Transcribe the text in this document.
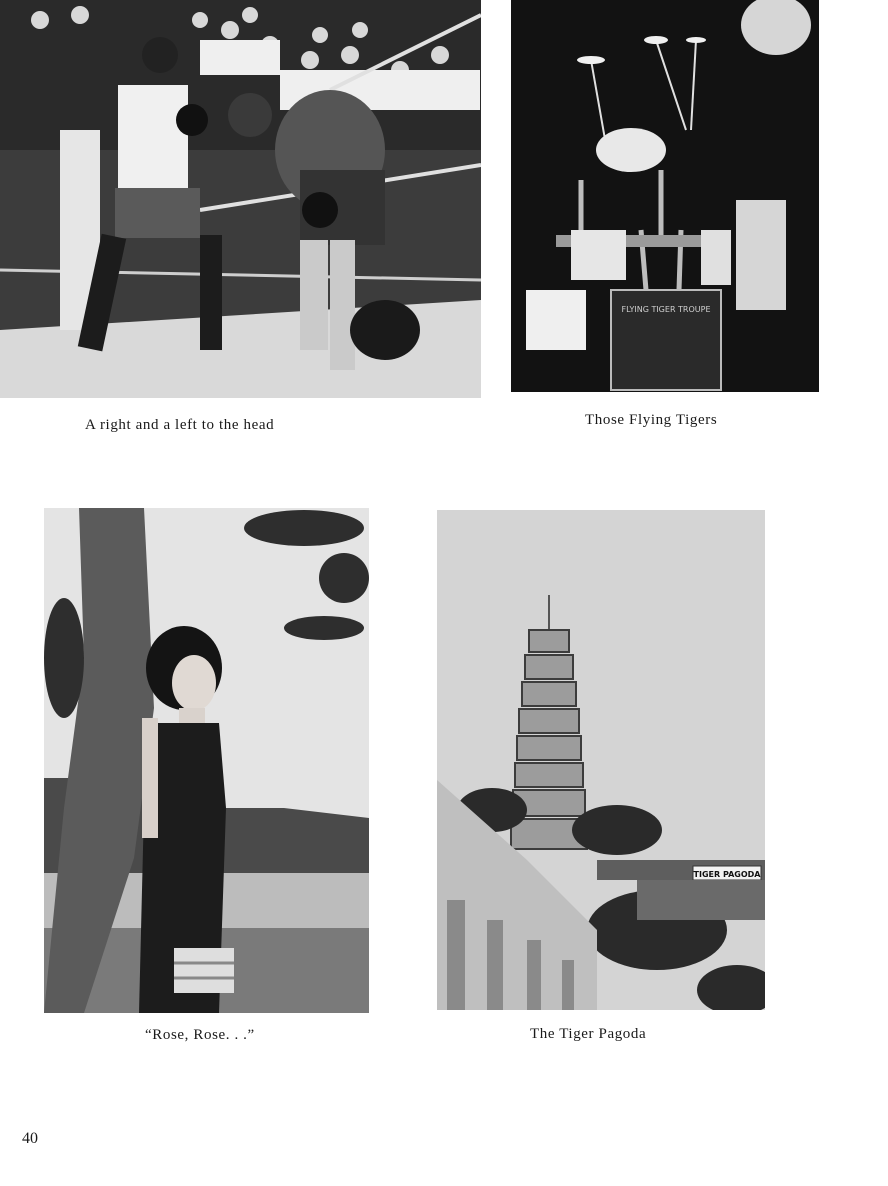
A right and a left to the head
FLYING TIGER TROUPE
Those Flying Tigers
“Rose, Rose. . .”
TIGER PAGODA
The Tiger Pagoda
40
